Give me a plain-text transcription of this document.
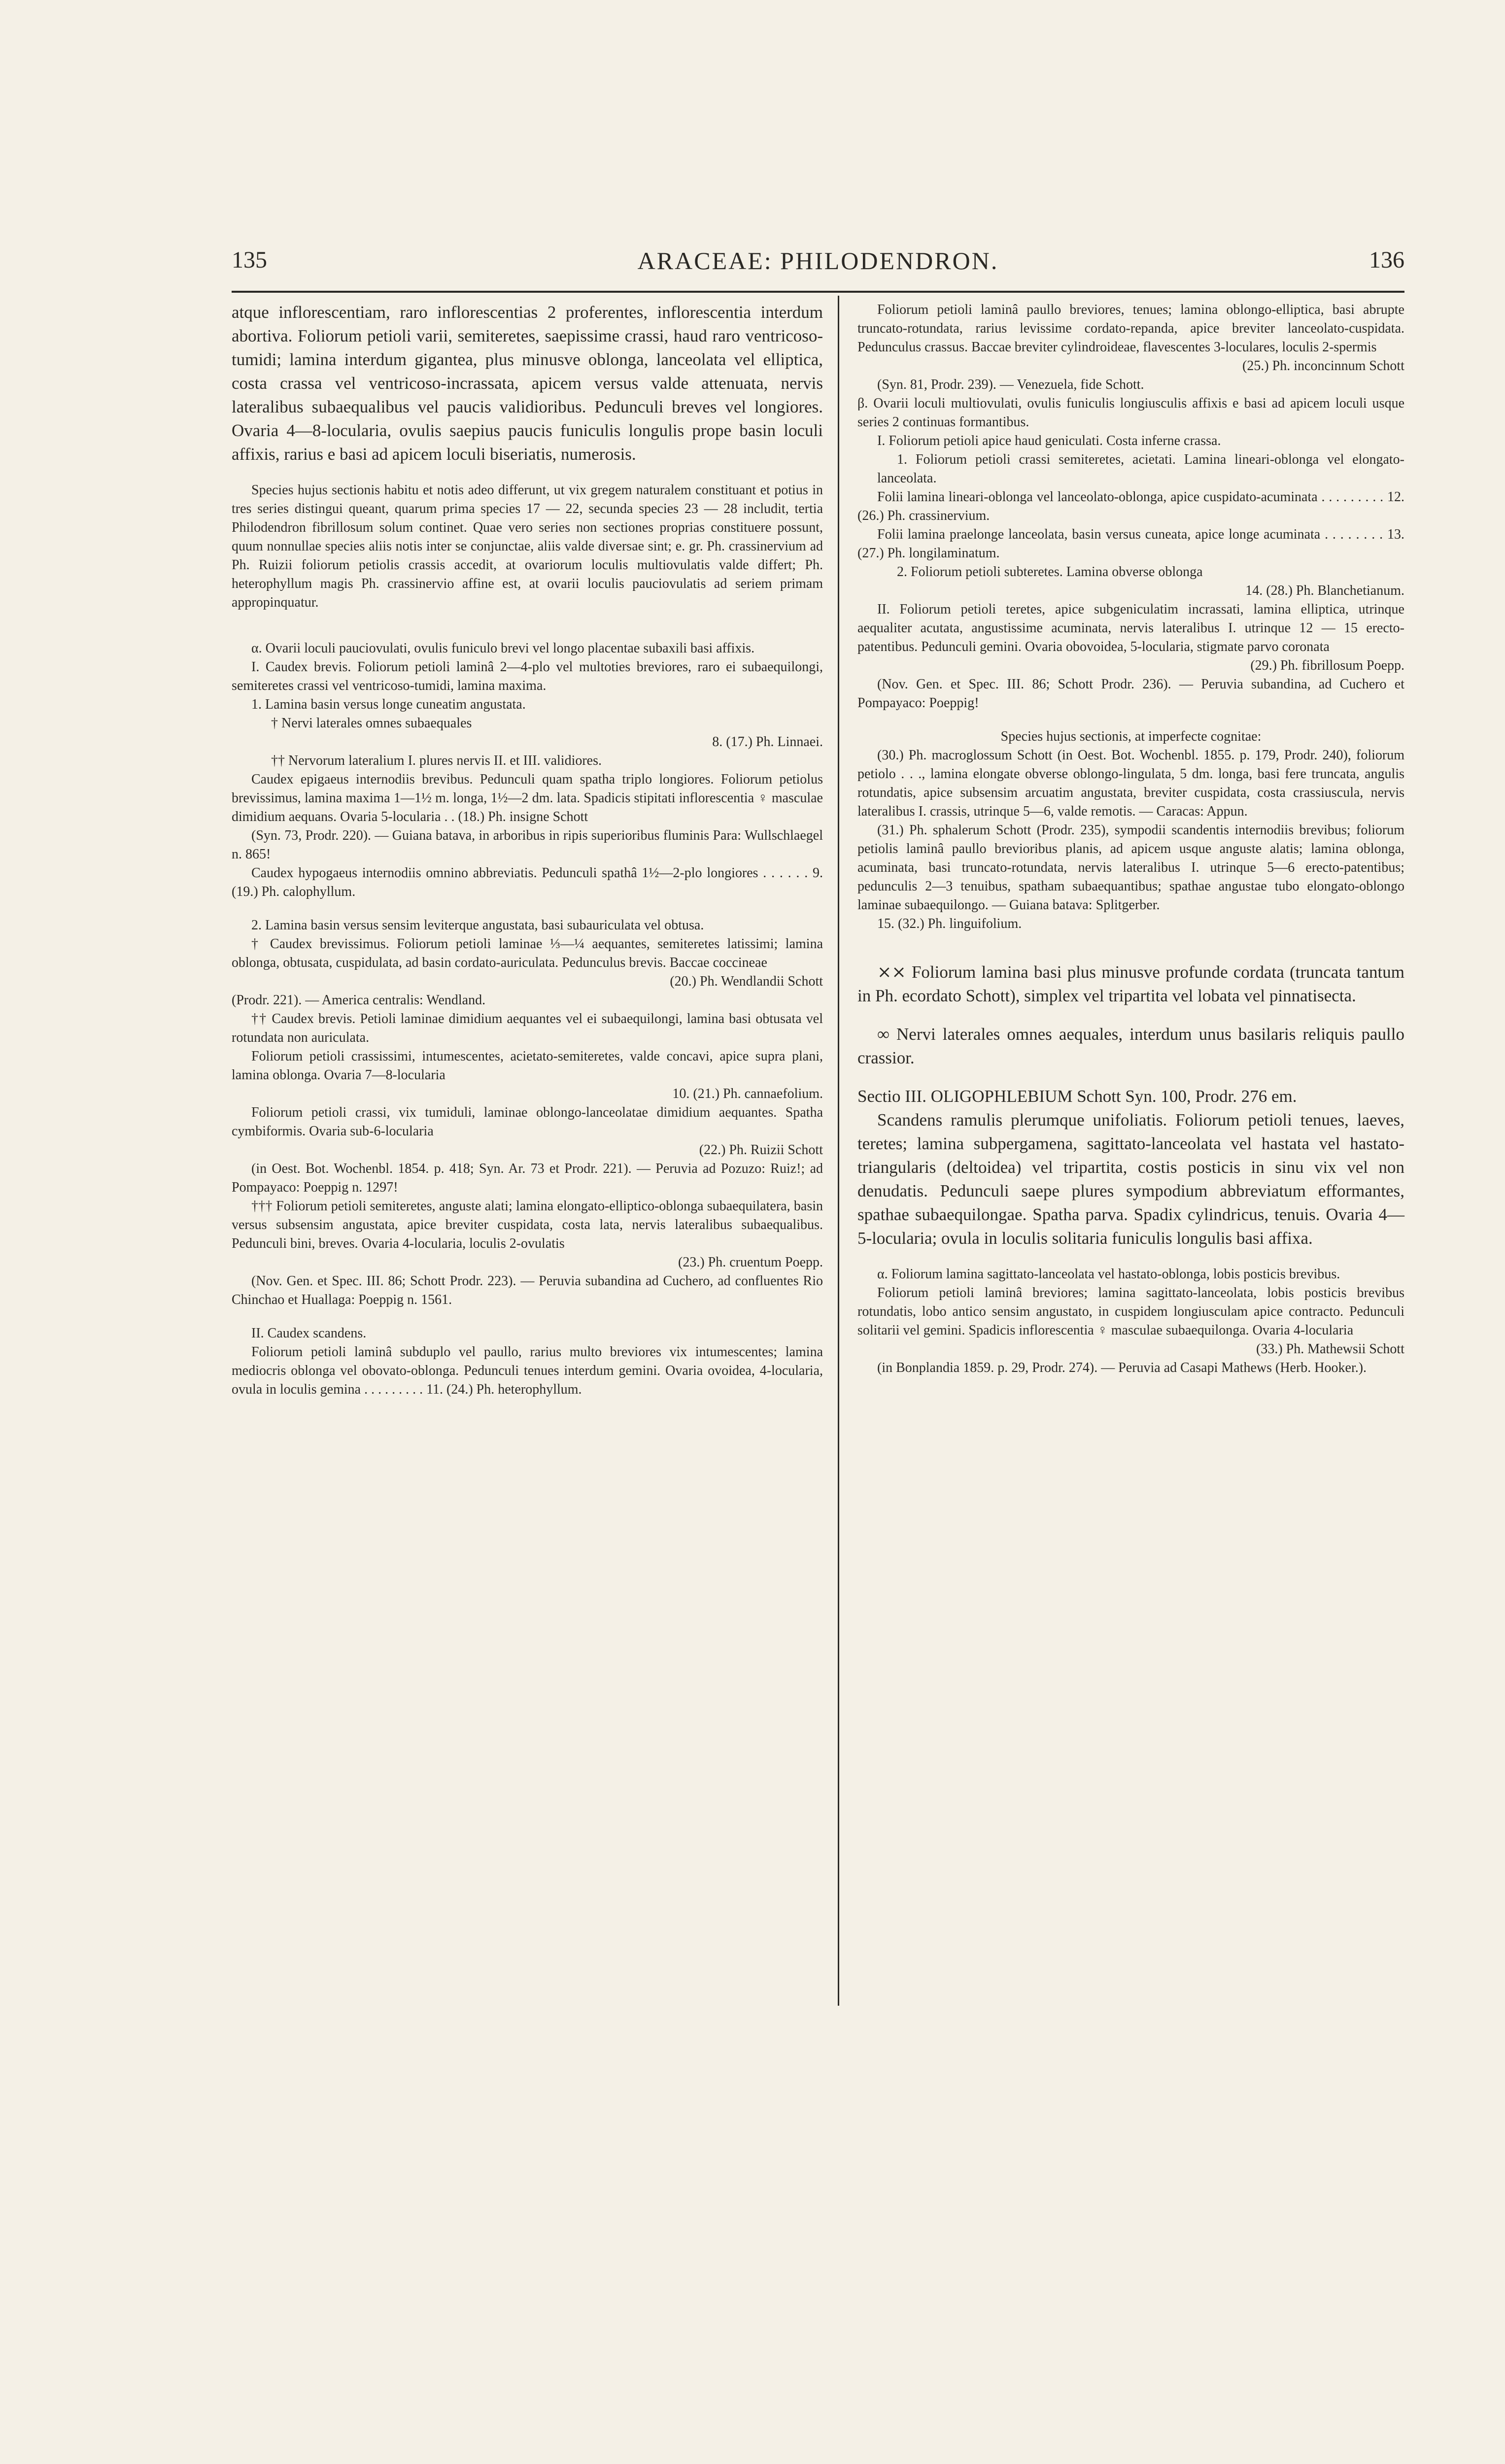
135	ARACEAE: PHILODENDRON.	136

atque inflorescentiam, raro inflorescentias 2 proferentes, inflorescentia interdum abortiva. Foliorum petioli varii, semiteretes, saepissime crassi, haud raro ventricoso-tumidi; lamina interdum gigantea, plus minusve oblonga, lanceolata vel elliptica, costa crassa vel ventricoso-incrassata, apicem versus valde attenuata, nervis lateralibus subaequalibus vel paucis validioribus. Pedunculi breves vel longiores. Ovaria 4—8-locularia, ovulis saepius paucis funiculis longulis prope basin loculi affixis, rarius e basi ad apicem loculi biseriatis, numerosis.

Species hujus sectionis habitu et notis adeo differunt, ut vix gregem naturalem constituant et potius in tres series distingui queant, quarum prima species 17 — 22, secunda species 23 — 28 includit, tertia Philodendron fibrillosum solum continet. Quae vero series non sectiones proprias constituere possunt, quum nonnullae species aliis notis inter se conjunctae, aliis valde diversae sint; e. gr. Ph. crassinervium ad Ph. Ruizii foliorum petiolis crassis accedit, at ovariorum loculis multiovulatis valde differt; Ph. heterophyllum magis Ph. crassinervio affine est, at ovarii loculis pauciovulatis ad seriem primam appropinquatur.

α. Ovarii loculi pauciovulati, ovulis funiculo brevi vel longo placentae subaxili basi affixis.

I. Caudex brevis. Foliorum petioli laminâ 2—4-plo vel multoties breviores, raro ei subaequilongi, semiteretes crassi vel ventricoso-tumidi, lamina maxima.

1. Lamina basin versus longe cuneatim angustata.

† Nervi laterales omnes subaequales

8. (17.) Ph. Linnaei.

†† Nervorum lateralium I. plures nervis II. et III. validiores.

Caudex epigaeus internodiis brevibus. Pedunculi quam spatha triplo longiores. Foliorum petiolus brevissimus, lamina maxima 1—1½ m. longa, 1½—2 dm. lata. Spadicis stipitati inflorescentia ♀ masculae dimidium aequans. Ovaria 5-locularia . . (18.) Ph. insigne Schott

(Syn. 73, Prodr. 220). — Guiana batava, in arboribus in ripis superioribus fluminis Para: Wullschlaegel n. 865!

Caudex hypogaeus internodiis omnino abbreviatis. Pedunculi spathâ 1½—2-plo longiores . . . . . . 9. (19.) Ph. calophyllum.

2. Lamina basin versus sensim leviterque angustata, basi subauriculata vel obtusa.

† Caudex brevissimus. Foliorum petioli laminae ⅓—¼ aequantes, semiteretes latissimi; lamina oblonga, obtusata, cuspidulata, ad basin cordato-auriculata. Pedunculus brevis. Baccae coccineae

(20.) Ph. Wendlandii Schott

(Prodr. 221). — America centralis: Wendland.

†† Caudex brevis. Petioli laminae dimidium aequantes vel ei subaequilongi, lamina basi obtusata vel rotundata non auriculata.

Foliorum petioli crassissimi, intumescentes, acietato-semiteretes, valde concavi, apice supra plani, lamina oblonga. Ovaria 7—8-locularia

10. (21.) Ph. cannaefolium.

Foliorum petioli crassi, vix tumiduli, laminae oblongo-lanceolatae dimidium aequantes. Spatha cymbiformis. Ovaria sub-6-locularia

(22.) Ph. Ruizii Schott

(in Oest. Bot. Wochenbl. 1854. p. 418; Syn. Ar. 73 et Prodr. 221). — Peruvia ad Pozuzo: Ruiz!; ad Pompayaco: Poeppig n. 1297!

††† Foliorum petioli semiteretes, anguste alati; lamina elongato-elliptico-oblonga subaequilatera, basin versus subsensim angustata, apice breviter cuspidata, costa lata, nervis lateralibus subaequalibus. Pedunculi bini, breves. Ovaria 4-locularia, loculis 2-ovulatis

(23.) Ph. cruentum Poepp.

(Nov. Gen. et Spec. III. 86; Schott Prodr. 223). — Peruvia subandina ad Cuchero, ad confluentes Rio Chinchao et Huallaga: Poeppig n. 1561.

II. Caudex scandens.

Foliorum petioli laminâ subduplo vel paullo, rarius multo breviores vix intumescentes; lamina mediocris oblonga vel obovato-oblonga. Pedunculi tenues interdum gemini. Ovaria ovoidea, 4-locularia, ovula in loculis gemina . . . . . . . . . 11. (24.) Ph. heterophyllum.

Foliorum petioli laminâ paullo breviores, tenues; lamina oblongo-elliptica, basi abrupte truncato-rotundata, rarius levissime cordato-repanda, apice breviter lanceolato-cuspidata. Pedunculus crassus. Baccae breviter cylindroideae, flavescentes 3-loculares, loculis 2-spermis

(25.) Ph. inconcinnum Schott

(Syn. 81, Prodr. 239). — Venezuela, fide Schott.

β. Ovarii loculi multiovulati, ovulis funiculis longiusculis affixis e basi ad apicem loculi usque series 2 continuas formantibus.

I. Foliorum petioli apice haud geniculati. Costa inferne crassa.

1. Foliorum petioli crassi semiteretes, acietati. Lamina lineari-oblonga vel elongato-lanceolata.

Folii lamina lineari-oblonga vel lanceolato-oblonga, apice cuspidato-acuminata . . . . . . . . . 12. (26.) Ph. crassinervium.

Folii lamina praelonge lanceolata, basin versus cuneata, apice longe acuminata . . . . . . . . 13. (27.) Ph. longilaminatum.

2. Foliorum petioli subteretes. Lamina obverse oblonga

14. (28.) Ph. Blanchetianum.

II. Foliorum petioli teretes, apice subgeniculatim incrassati, lamina elliptica, utrinque aequaliter acutata, angustissime acuminata, nervis lateralibus I. utrinque 12 — 15 erecto-patentibus. Pedunculi gemini. Ovaria obovoidea, 5-locularia, stigmate parvo coronata

(29.) Ph. fibrillosum Poepp.

(Nov. Gen. et Spec. III. 86; Schott Prodr. 236). — Peruvia subandina, ad Cuchero et Pompayaco: Poeppig!

Species hujus sectionis, at imperfecte cognitae:

(30.) Ph. macroglossum Schott (in Oest. Bot. Wochenbl. 1855. p. 179, Prodr. 240), foliorum petiolo . . ., lamina elongate obverse oblongo-lingulata, 5 dm. longa, basi fere truncata, angulis rotundatis, apice subsensim arcuatim angustata, breviter cuspidata, costa crassiuscula, nervis lateralibus I. crassis, utrinque 5—6, valde remotis. — Caracas: Appun.

(31.) Ph. sphalerum Schott (Prodr. 235), sympodii scandentis internodiis brevibus; foliorum petiolis laminâ paullo brevioribus planis, ad apicem usque anguste alatis; lamina oblonga, acuminata, basi truncato-rotundata, nervis lateralibus I. utrinque 5—6 erecto-patentibus; pedunculis 2—3 tenuibus, spatham subaequantibus; spathae angustae tubo elongato-oblongo laminae subaequilongo. — Guiana batava: Splitgerber.

15. (32.) Ph. linguifolium.

⨯⨯ Foliorum lamina basi plus minusve profunde cordata (truncata tantum in Ph. ecordato Schott), simplex vel tripartita vel lobata vel pinnatisecta.

∞ Nervi laterales omnes aequales, interdum unus basilaris reliquis paullo crassior.

Sectio III. OLIGOPHLEBIUM Schott Syn. 100, Prodr. 276 em.

Scandens ramulis plerumque unifoliatis. Foliorum petioli tenues, laeves, teretes; lamina subpergamena, sagittato-lanceolata vel hastata vel hastato-triangularis (deltoidea) vel tripartita, costis posticis in sinu vix vel non denudatis. Pedunculi saepe plures sympodium abbreviatum efformantes, spathae subaequilongae. Spatha parva. Spadix cylindricus, tenuis. Ovaria 4—5-locularia; ovula in loculis solitaria funiculis longulis basi affixa.

α. Foliorum lamina sagittato-lanceolata vel hastato-oblonga, lobis posticis brevibus.

Foliorum petioli laminâ breviores; lamina sagittato-lanceolata, lobis posticis brevibus rotundatis, lobo antico sensim angustato, in cuspidem longiusculam apice contracto. Pedunculi solitarii vel gemini. Spadicis inflorescentia ♀ masculae subaequilonga. Ovaria 4-locularia

(33.) Ph. Mathewsii Schott

(in Bonplandia 1859. p. 29, Prodr. 274). — Peruvia ad Casapi Mathews (Herb. Hooker.).
